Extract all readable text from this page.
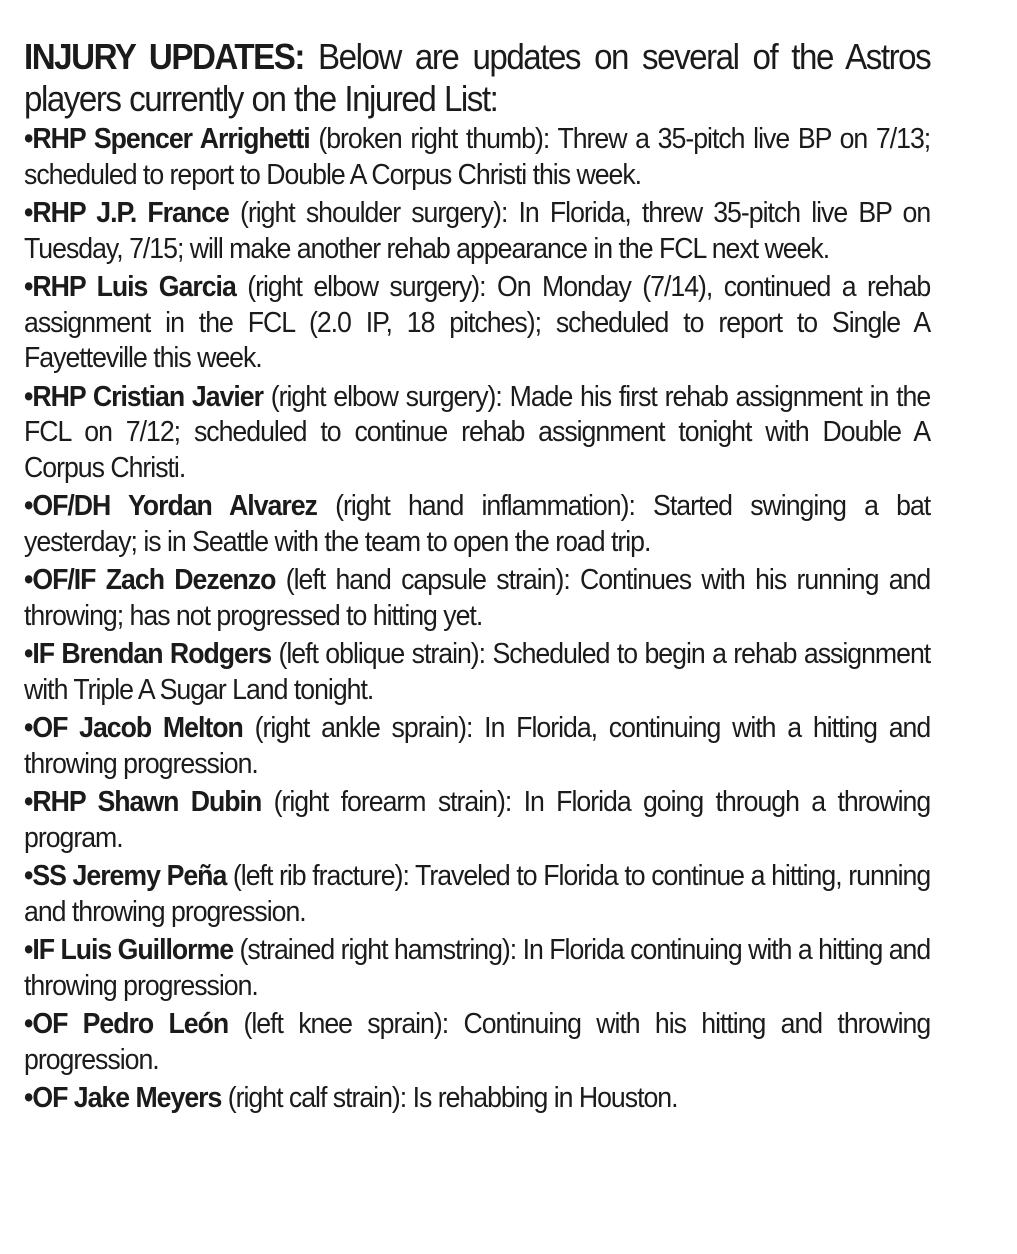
INJURY UPDATES: Below are updates on several of the Astros players currently on the Injured List:
•RHP Spencer Arrighetti (broken right thumb): Threw a 35-pitch live BP on 7/13; scheduled to report to Double A Corpus Christi this week.
•RHP J.P. France (right shoulder surgery): In Florida, threw 35-pitch live BP on Tuesday, 7/15; will make another rehab appearance in the FCL next week.
•RHP Luis Garcia (right elbow surgery): On Monday (7/14), continued a rehab assignment in the FCL (2.0 IP, 18 pitches); scheduled to report to Single A Fayetteville this week.
•RHP Cristian Javier (right elbow surgery): Made his first rehab assignment in the FCL on 7/12; scheduled to continue rehab assignment tonight with Double A Corpus Christi.
•OF/DH Yordan Alvarez (right hand inflammation): Started swinging a bat yesterday; is in Seattle with the team to open the road trip.
•OF/IF Zach Dezenzo (left hand capsule strain): Continues with his running and throwing; has not progressed to hitting yet.
•IF Brendan Rodgers (left oblique strain): Scheduled to begin a rehab assignment with Triple A Sugar Land tonight.
•OF Jacob Melton (right ankle sprain): In Florida, continuing with a hitting and throwing progression.
•RHP Shawn Dubin (right forearm strain): In Florida going through a throwing program.
•SS Jeremy Peña (left rib fracture): Traveled to Florida to continue a hitting, running and throwing progression.
•IF Luis Guillorme (strained right hamstring): In Florida continuing with a hitting and throwing progression.
•OF Pedro León (left knee sprain): Continuing with his hitting and throwing progression.
•OF Jake Meyers (right calf strain): Is rehabbing in Houston.
